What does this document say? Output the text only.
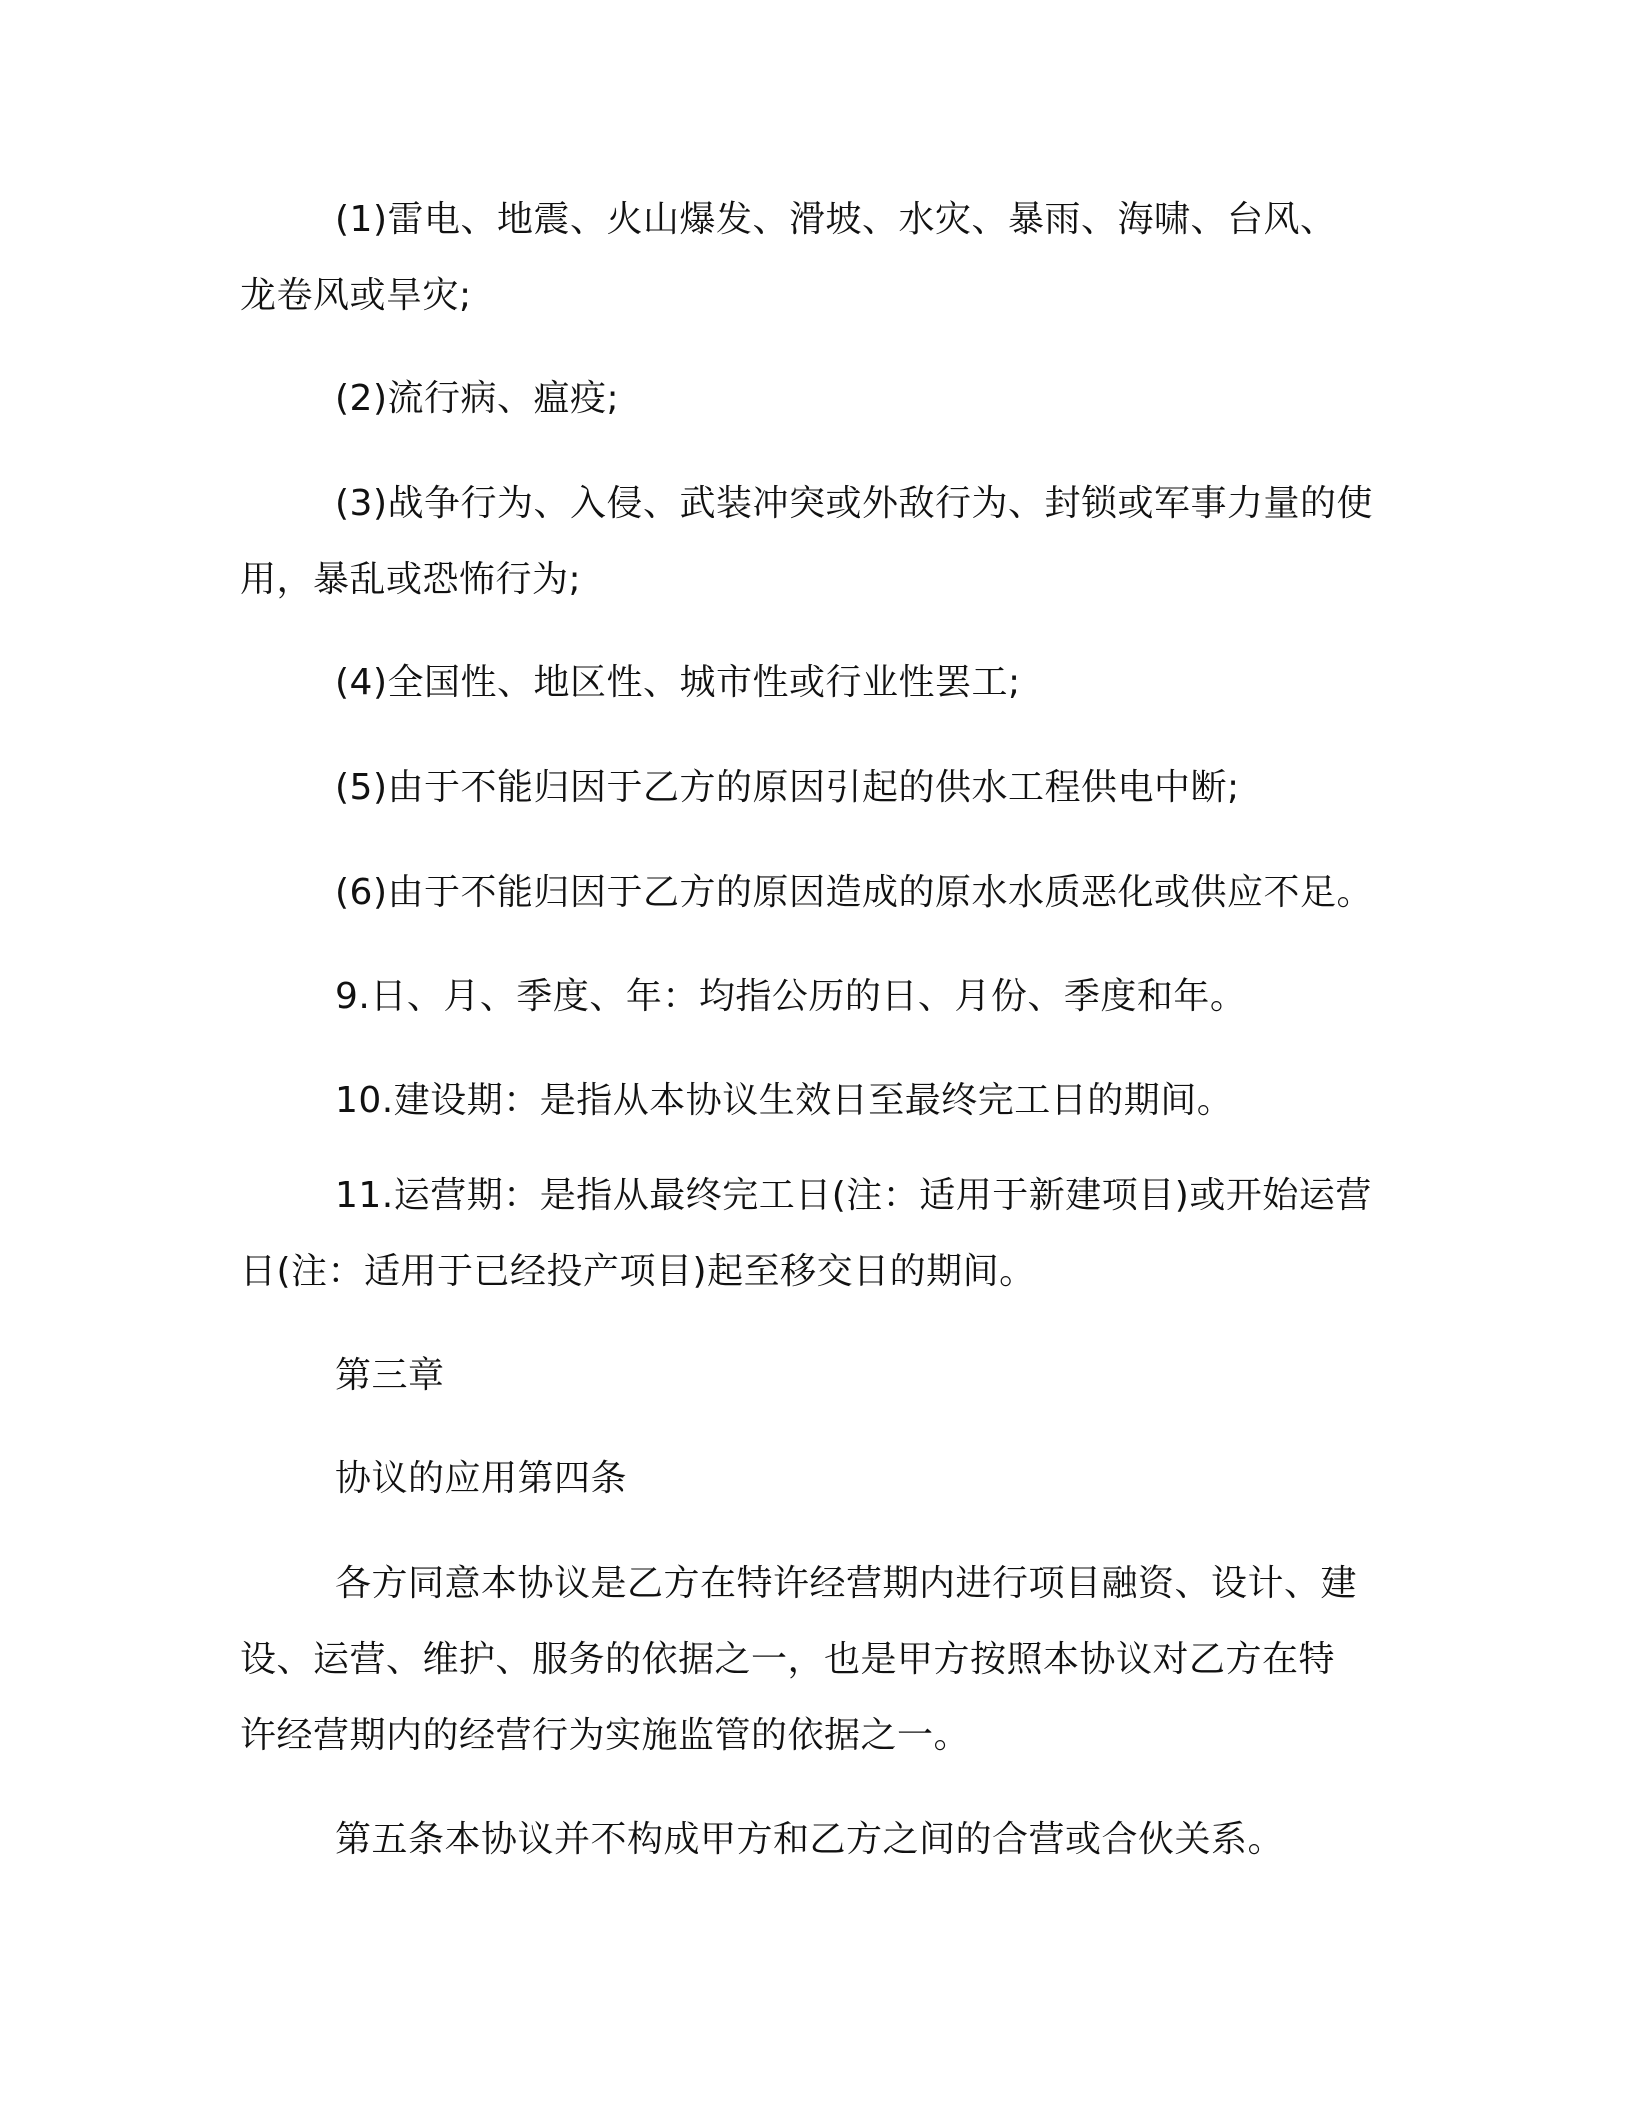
(1)雷电、地震、火山爆发、滑坡、水灾、暴雨、海啸、台风、
龙卷风或旱灾;
(2)流行病、瘟疫;
(3)战争行为、入侵、武装冲突或外敌行为、封锁或军事力量的使
用，暴乱或恐怖行为;
(4)全国性、地区性、城市性或行业性罢工;
(5)由于不能归因于乙方的原因引起的供水工程供电中断;
(6)由于不能归因于乙方的原因造成的原水水质恶化或供应不足。
9.日、月、季度、年：均指公历的日、月份、季度和年。
10.建设期：是指从本协议生效日至最终完工日的期间。
11.运营期：是指从最终完工日(注：适用于新建项目)或开始运营
日(注：适用于已经投产项目)起至移交日的期间。
第三章
协议的应用第四条
各方同意本协议是乙方在特许经营期内进行项目融资、设计、建
设、运营、维护、服务的依据之一，也是甲方按照本协议对乙方在特
许经营期内的经营行为实施监管的依据之一。
第五条本协议并不构成甲方和乙方之间的合营或合伙关系。
